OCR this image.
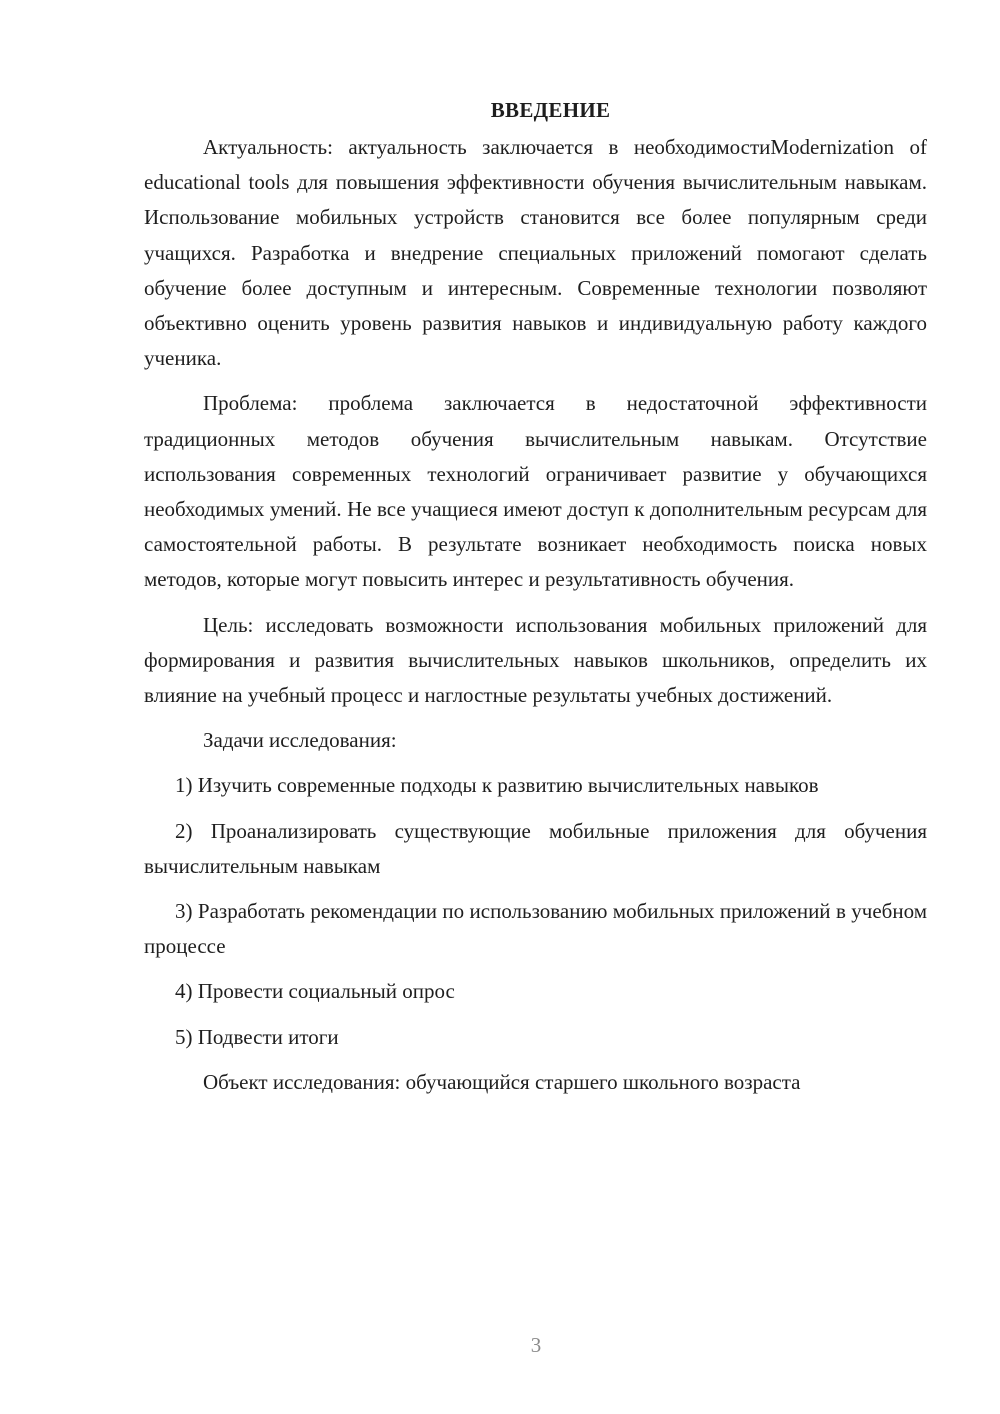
ВВЕДЕНИЕ

Актуальность: актуальность заключается в необходимостиModernization of educational tools для повышения эффективности обучения вычислительным навыкам. Использование мобильных устройств становится все более популярным среди учащихся. Разработка и внедрение специальных приложений помогают сделать обучение более доступным и интересным. Современные технологии позволяют объективно оценить уровень развития навыков и индивидуальную работу каждого ученика.

Проблема: проблема заключается в недостаточной эффективности традиционных методов обучения вычислительным навыкам. Отсутствие использования современных технологий ограничивает развитие у обучающихся необходимых умений. Не все учащиеся имеют доступ к дополнительным ресурсам для самостоятельной работы. В результате возникает необходимость поиска новых методов, которые могут повысить интерес и результативность обучения.

Цель: исследовать возможности использования мобильных приложений для формирования и развития вычислительных навыков школьников, определить их влияние на учебный процесс и наглостные результаты учебных достижений.

Задачи исследования:

1) Изучить современные подходы к развитию вычислительных навыков

2) Проанализировать существующие мобильные приложения для обучения вычислительным навыкам

3) Разработать рекомендации по использованию мобильных приложений в учебном процессе

4) Провести социальный опрос

5) Подвести итоги

Объект исследования: обучающийся старшего школьного возраста

3
